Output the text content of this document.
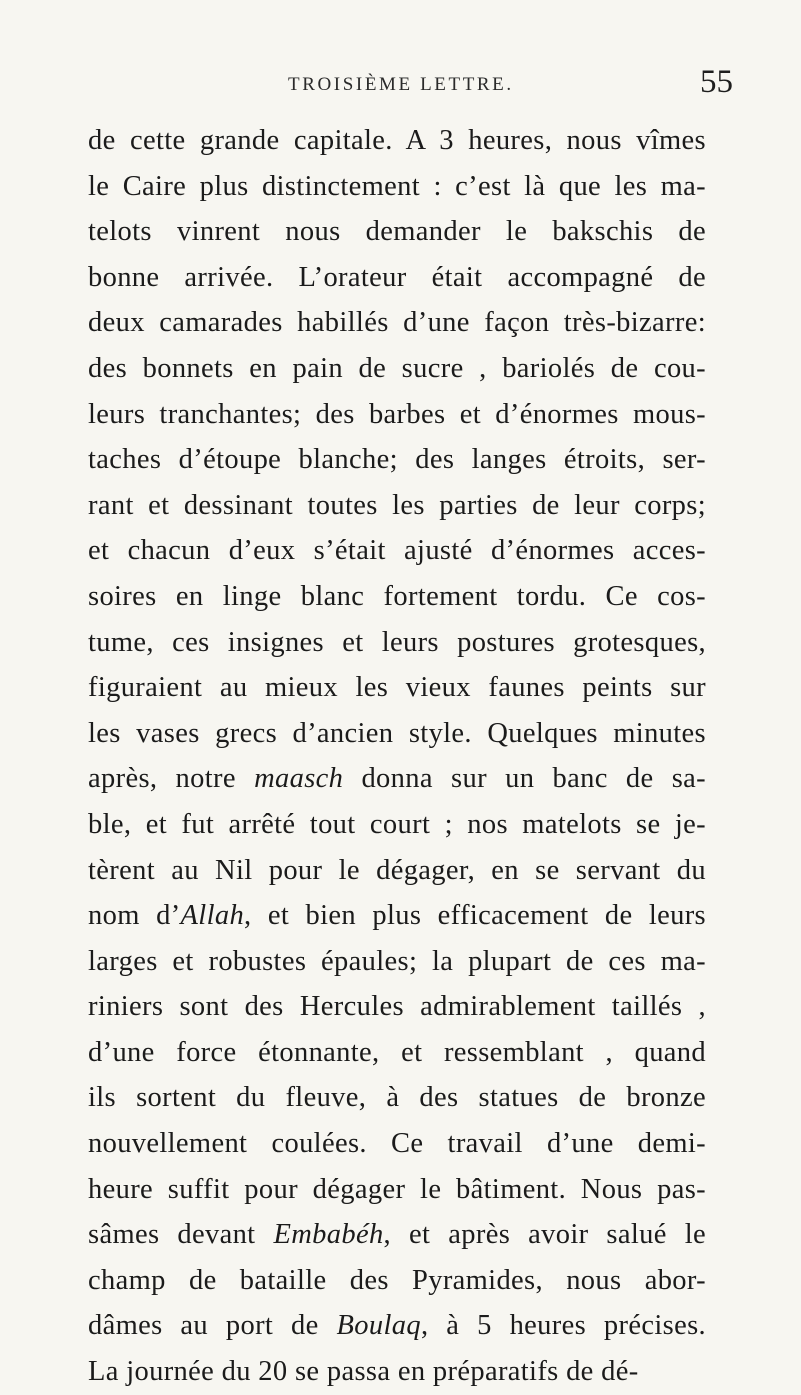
TROISIÈME LETTRE.	55
de cette grande capitale. A 3 heures, nous vîmes
le Caire plus distinctement : c’est là que les ma-
telots vinrent nous demander le bakschis de
bonne arrivée. L’orateur était accompagné de
deux camarades habillés d’une façon très-bizarre:
des bonnets en pain de sucre , bariolés de cou-
leurs tranchantes; des barbes et d’énormes mous-
taches d’étoupe blanche; des langes étroits, ser-
rant et dessinant toutes les parties de leur corps;
et chacun d’eux s’était ajusté d’énormes acces-
soires en linge blanc fortement tordu. Ce cos-
tume, ces insignes et leurs postures grotesques,
figuraient au mieux les vieux faunes peints sur
les vases grecs d’ancien style. Quelques minutes
après, notre maasch donna sur un banc de sa-
ble, et fut arrêté tout court ; nos matelots se je-
tèrent au Nil pour le dégager, en se servant du
nom d’Allah, et bien plus efficacement de leurs
larges et robustes épaules; la plupart de ces ma-
riniers sont des Hercules admirablement taillés ,
d’une force étonnante, et ressemblant , quand
ils sortent du fleuve, à des statues de bronze
nouvellement coulées. Ce travail d’une demi-
heure suffit pour dégager le bâtiment. Nous pas-
sâmes devant Embabéh, et après avoir salué le
champ de bataille des Pyramides, nous abor-
dâmes au port de Boulaq, à 5 heures précises.
La journée du 20 se passa en préparatifs de dé-
